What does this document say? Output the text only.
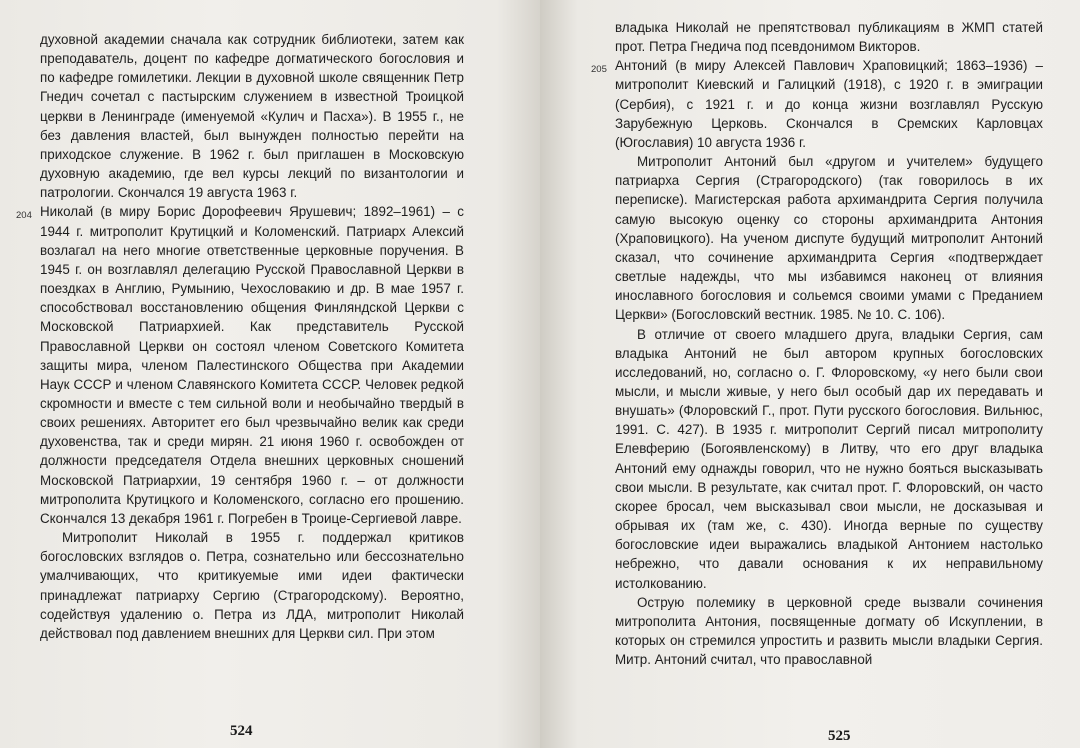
духовной академии сначала как сотрудник библиотеки, затем как преподаватель, доцент по кафедре догматического богословия и по кафедре гомилетики. Лекции в духовной школе священник Петр Гнедич сочетал с пастырским служением в известной Троицкой церкви в Ленинграде (именуемой «Кулич и Пасха»). В 1955 г., не без давления властей, был вынужден полностью перейти на приходское служение. В 1962 г. был приглашен в Московскую духовную академию, где вел курсы лекций по византологии и патрологии. Скончался 19 августа 1963 г.

204 Николай (в миру Борис Дорофеевич Ярушевич; 1892–1961) – с 1944 г. митрополит Крутицкий и Коломенский. Патриарх Алексий возлагал на него многие ответственные церковные поручения. В 1945 г. он возглавлял делегацию Русской Православной Церкви в поездках в Англию, Румынию, Чехословакию и др. В мае 1957 г. способствовал восстановлению общения Финляндской Церкви с Московской Патриархией. Как представитель Русской Православной Церкви он состоял членом Советского Комитета защиты мира, членом Палестинского Общества при Академии Наук СССР и членом Славянского Комитета СССР. Человек редкой скромности и вместе с тем сильной воли и необычайно твердый в своих решениях. Авторитет его был чрезвычайно велик как среди духовенства, так и среди мирян. 21 июня 1960 г. освобожден от должности председателя Отдела внешних церковных сношений Московской Патриархии, 19 сентября 1960 г. – от должности митрополита Крутицкого и Коломенского, согласно его прошению. Скончался 13 декабря 1961 г. Погребен в Троице-Сергиевой лавре.

Митрополит Николай в 1955 г. поддержал критиков богословских взглядов о. Петра, сознательно или бессознательно умалчивающих, что критикуемые ими идеи фактически принадлежат патриарху Сергию (Страгородскому). Вероятно, содействуя удалению о. Петра из ЛДА, митрополит Николай действовал под давлением внешних для Церкви сил. При этом

524

владыка Николай не препятствовал публикациям в ЖМП статей прот. Петра Гнедича под псевдонимом Викторов.

205 Антоний (в миру Алексей Павлович Храповицкий; 1863–1936) – митрополит Киевский и Галицкий (1918), с 1920 г. в эмиграции (Сербия), с 1921 г. и до конца жизни возглавлял Русскую Зарубежную Церковь. Скончался в Сремских Карловцах (Югославия) 10 августа 1936 г.

Митрополит Антоний был «другом и учителем» будущего патриарха Сергия (Страгородского) (так говорилось в их переписке). Магистерская работа архимандрита Сергия получила самую высокую оценку со стороны архимандрита Антония (Храповицкого). На ученом диспуте будущий митрополит Антоний сказал, что сочинение архимандрита Сергия «подтверждает светлые надежды, что мы избавимся наконец от влияния инославного богословия и сольемся своими умами с Преданием Церкви» (Богословский вестник. 1985. № 10. С. 106).

В отличие от своего младшего друга, владыки Сергия, сам владыка Антоний не был автором крупных богословских исследований, но, согласно о. Г. Флоровскому, «у него были свои мысли, и мысли живые, у него был особый дар их передавать и внушать» (Флоровский Г., прот. Пути русского богословия. Вильнюс, 1991. С. 427). В 1935 г. митрополит Сергий писал митрополиту Елевферию (Богоявленскому) в Литву, что его друг владыка Антоний ему однажды говорил, что не нужно бояться высказывать свои мысли. В результате, как считал прот. Г. Флоровский, он часто скорее бросал, чем высказывал свои мысли, не досказывая и обрывая их (там же, с. 430). Иногда верные по существу богословские идеи выражались владыкой Антонием настолько небрежно, что давали основания к их неправильному истолкованию.

Острую полемику в церковной среде вызвали сочинения митрополита Антония, посвященные догмату об Искуплении, в которых он стремился упростить и развить мысли владыки Сергия. Митр. Антоний считал, что православной

525
